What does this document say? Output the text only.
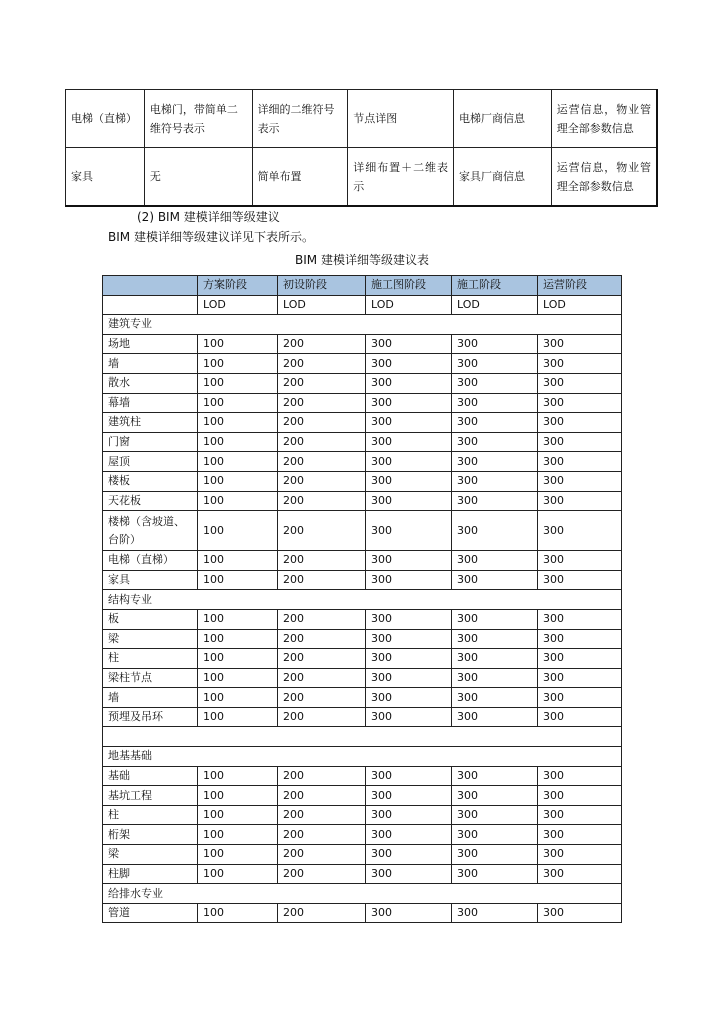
电梯（直梯）	电梯门，带简单二维符号表示	详细的二维符号表示	节点详图	电梯厂商信息	运营信息，物业管理全部参数信息
家具	无	简单布置	详细布置＋二维表示	家具厂商信息	运营信息，物业管理全部参数信息
(2) BIM 建模详细等级建议
BIM 建模详细等级建议详见下表所示。
BIM 建模详细等级建议表
	方案阶段	初设阶段	施工图阶段	施工阶段	运营阶段
	LOD	LOD	LOD	LOD	LOD
建筑专业					
场地	100	200	300	300	300
墙	100	200	300	300	300
散水	100	200	300	300	300
幕墙	100	200	300	300	300
建筑柱	100	200	300	300	300
门窗	100	200	300	300	300
屋顶	100	200	300	300	300
楼板	100	200	300	300	300
天花板	100	200	300	300	300
楼梯（含坡道、台阶）	100	200	300	300	300
电梯（直梯）	100	200	300	300	300
家具	100	200	300	300	300
结构专业					
板	100	200	300	300	300
梁	100	200	300	300	300
柱	100	200	300	300	300
梁柱节点	100	200	300	300	300
墙	100	200	300	300	300
预埋及吊环	100	200	300	300	300

地基基础					
基础	100	200	300	300	300
基坑工程	100	200	300	300	300
柱	100	200	300	300	300
桁架	100	200	300	300	300
梁	100	200	300	300	300
柱脚	100	200	300	300	300
给排水专业					
管道	100	200	300	300	300
